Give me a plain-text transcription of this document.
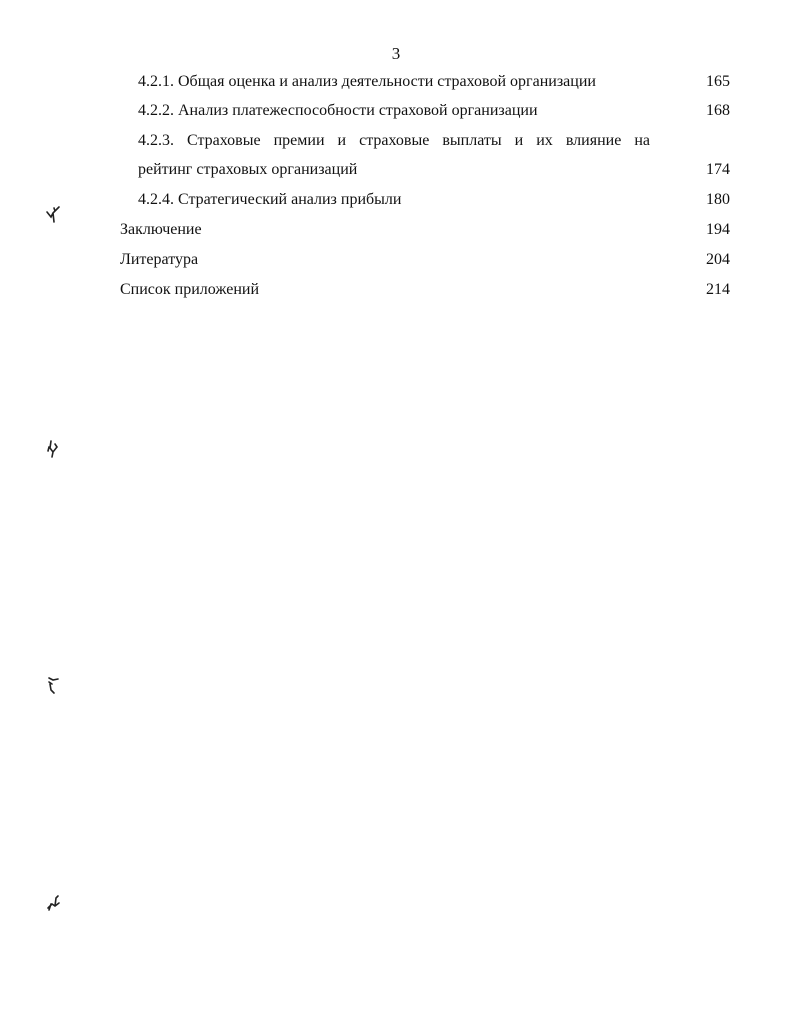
3
4.2.1. Общая оценка и анализ деятельности страховой организации	165
4.2.2. Анализ платежеспособности страховой организации	168
4.2.3. Страховые премии и страховые выплаты и их влияние на
рейтинг страховых организаций	174
4.2.4. Стратегический анализ прибыли	180
Заключение	194
Литература	204
Список приложений	214
